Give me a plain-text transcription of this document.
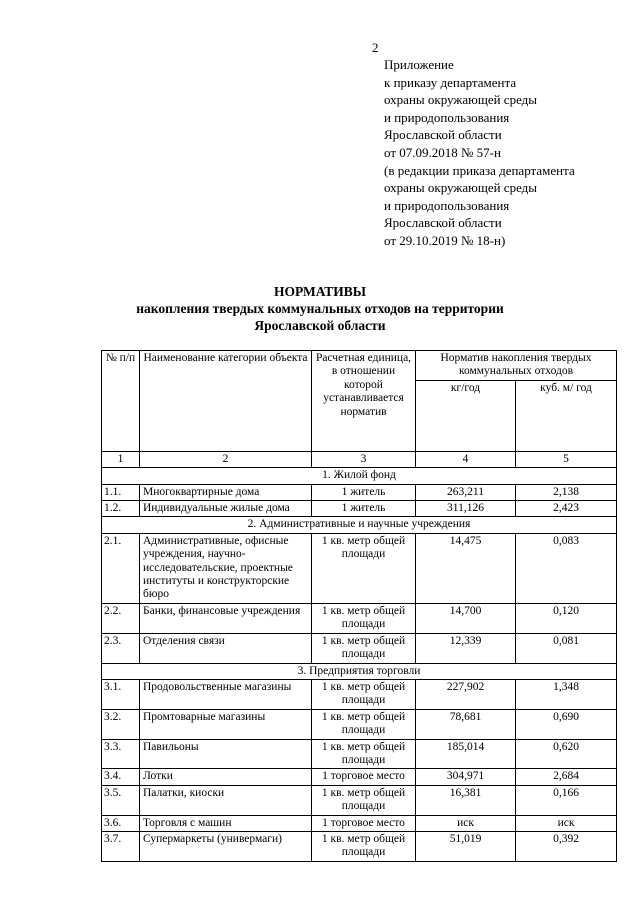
2
Приложение
к приказу департамента
охраны окружающей среды
и природопользования
Ярославской области
от 07.09.2018 № 57-н
(в редакции приказа департамента
охраны окружающей среды
и природопользования
Ярославской области
от 29.10.2019 № 18-н)
НОРМАТИВЫ
накопления твердых коммунальных отходов на территории
Ярославской области
№ п/п	Наименование категории объекта	Расчетная единица, в отношении которой устанавливается норматив	Норматив накопления твердых коммунальных отходов	
			кг/год	куб. м/ год
1	2	3	4	5
1. Жилой фонд				
1.1.	Многоквартирные дома	1 житель	263,211	2,138
1.2.	Индивидуальные жилые дома	1 житель	311,126	2,423
2. Административные и научные учреждения				
2.1.	Административные, офисные учреждения, научно-исследовательские, проектные институты и конструкторские бюро	1 кв. метр общей площади	14,475	0,083
2.2.	Банки, финансовые учреждения	1 кв. метр общей площади	14,700	0,120
2.3.	Отделения связи	1 кв. метр общей площади	12,339	0,081
3. Предприятия торговли				
3.1.	Продовольственные магазины	1 кв. метр общей площади	227,902	1,348
3.2.	Промтоварные магазины	1 кв. метр общей площади	78,681	0,690
3.3.	Павильоны	1 кв. метр общей площади	185,014	0,620
3.4.	Лотки	1 торговое место	304,971	2,684
3.5.	Палатки, киоски	1 кв. метр общей площади	16,381	0,166
3.6.	Торговля с машин	1 торговое место	иск	иск
3.7.	Супермаркеты (универмаги)	1 кв. метр общей площади	51,019	0,392
